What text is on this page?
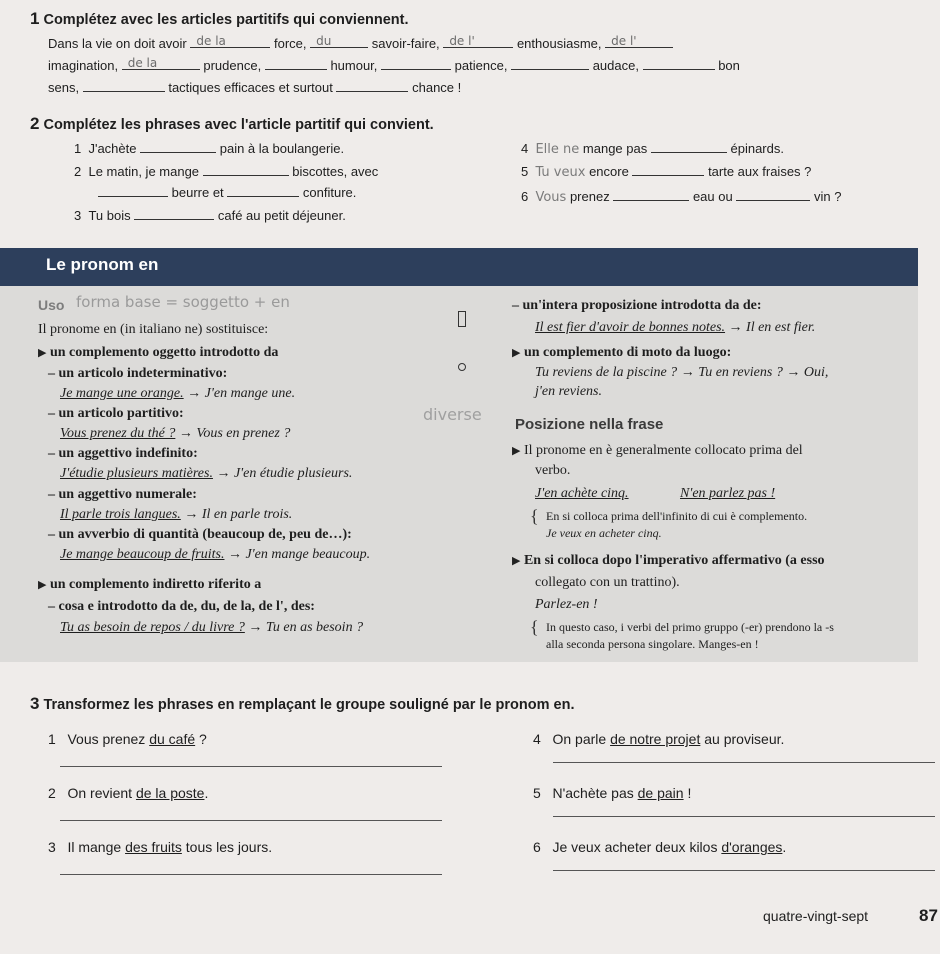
1 Complétez avec les articles partitifs qui conviennent.
Dans la vie on doit avoir de la	force, du	savoir-faire, de l'	enthousiasme, de l'
imagination, de la	prudence,	humour,	patience,	audace,	bon
sens,	tactiques efficaces et surtout	chance !
2 Complétez les phrases avec l'article partitif qui convient.
1 J'achète	pain à la boulangerie.
2 Le matin, je mange	biscottes, avec
beurre et	confiture.
3 Tu bois	café au petit déjeuner.
4 Elle ne mange pas	épinards.
5 Tu veux encore	tarte aux fraises ?
6 Vous prenez	eau ou	vin ?
Le pronom en
Uso forma base = soggetto + en
Il pronome en (in italiano ne) sostituisce:
▶ un complemento oggetto introdotto da
– un articolo indeterminativo:
Je mange une orange. → J'en mange une.
– un articolo partitivo:
Vous prenez du thé ? → Vous en prenez ?
– un aggettivo indefinito:
J'étudie plusieurs matières. → J'en étudie plusieurs.
– un aggettivo numerale:
Il parle trois langues. → Il en parle trois.
– un avverbio di quantità (beaucoup de, peu de…):
Je mange beaucoup de fruits. → J'en mange beaucoup.
▶ un complemento indiretto riferito a
– cosa e introdotto da de, du, de la, de l', des:
Tu as besoin de repos / du livre ? → Tu en as besoin ?
– un'intera proposizione introdotta da de:
Il est fier d'avoir de bonnes notes. → Il en est fier.
▶ un complemento di moto da luogo:
Tu reviens de la piscine ? → Tu en reviens ? → Oui,
j'en reviens.
diverse
Posizione nella frase
▶ Il pronome en è generalmente collocato prima del
verbo.
J'en achète cinq.	N'en parlez pas !
{ En si colloca prima dell'infinito di cui è complemento.
Je veux en acheter cinq.
▶ En si colloca dopo l'imperativo affermativo (a esso
collegato con un trattino).
Parlez-en !
{ In questo caso, i verbi del primo gruppo (-er) prendono la -s
alla seconda persona singolare. Manges-en !
3 Transformez les phrases en remplaçant le groupe souligné par le pronom en.
1 Vous prenez du café ?
2 On revient de la poste.
3 Il mange des fruits tous les jours.
4 On parle de notre projet au proviseur.
5 N'achète pas de pain !
6 Je veux acheter deux kilos d'oranges.
quatre-vingt-sept	87
